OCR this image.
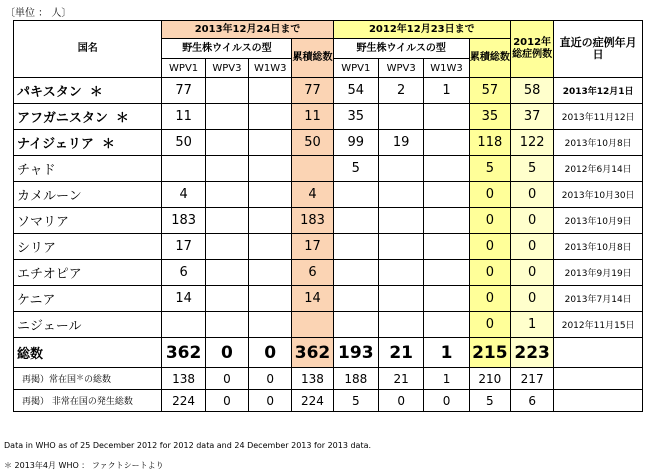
〔単位 ： 人〕
国名	2013年12月24日まで				2012年12月23日まで				2012年総症例数	直近の症例年月日
	野生株ウイルスの型			累積総数	野生株ウイルスの型			累積総数		
	WPV1	WPV3	W1W3		WPV1	WPV3	W1W3			
パキスタン ＊	77			77	54	2	1	57	58	2013年12月1日
アフガニスタン ＊	11			11	35			35	37	2013年11月12日
ナイジェリア ＊	50			50	99	19		118	122	2013年10月8日
チャド					5			5	5	2012年6月14日
カメルーン	4			4				0	0	2013年10月30日
ソマリア	183			183				0	0	2013年10月9日
シリア	17			17				0	0	2013年10月8日
エチオピア	6			6				0	0	2013年9月19日
ケニア	14			14				0	0	2013年7月14日
ニジェール								0	1	2012年11月15日
総数	362	0	0	362	193	21	1	215	223	
再掲）常在国＊の総数	138	0	0	138	188	21	1	210	217	
再掲） 非常在国の発生総数	224	0	0	224	5	0	0	5	6	
Data in WHO as of 25 December 2012 for 2012 data and 24 December 2013 for 2013 data.
＊ 2013年4月 WHO ： ファクトシートより
